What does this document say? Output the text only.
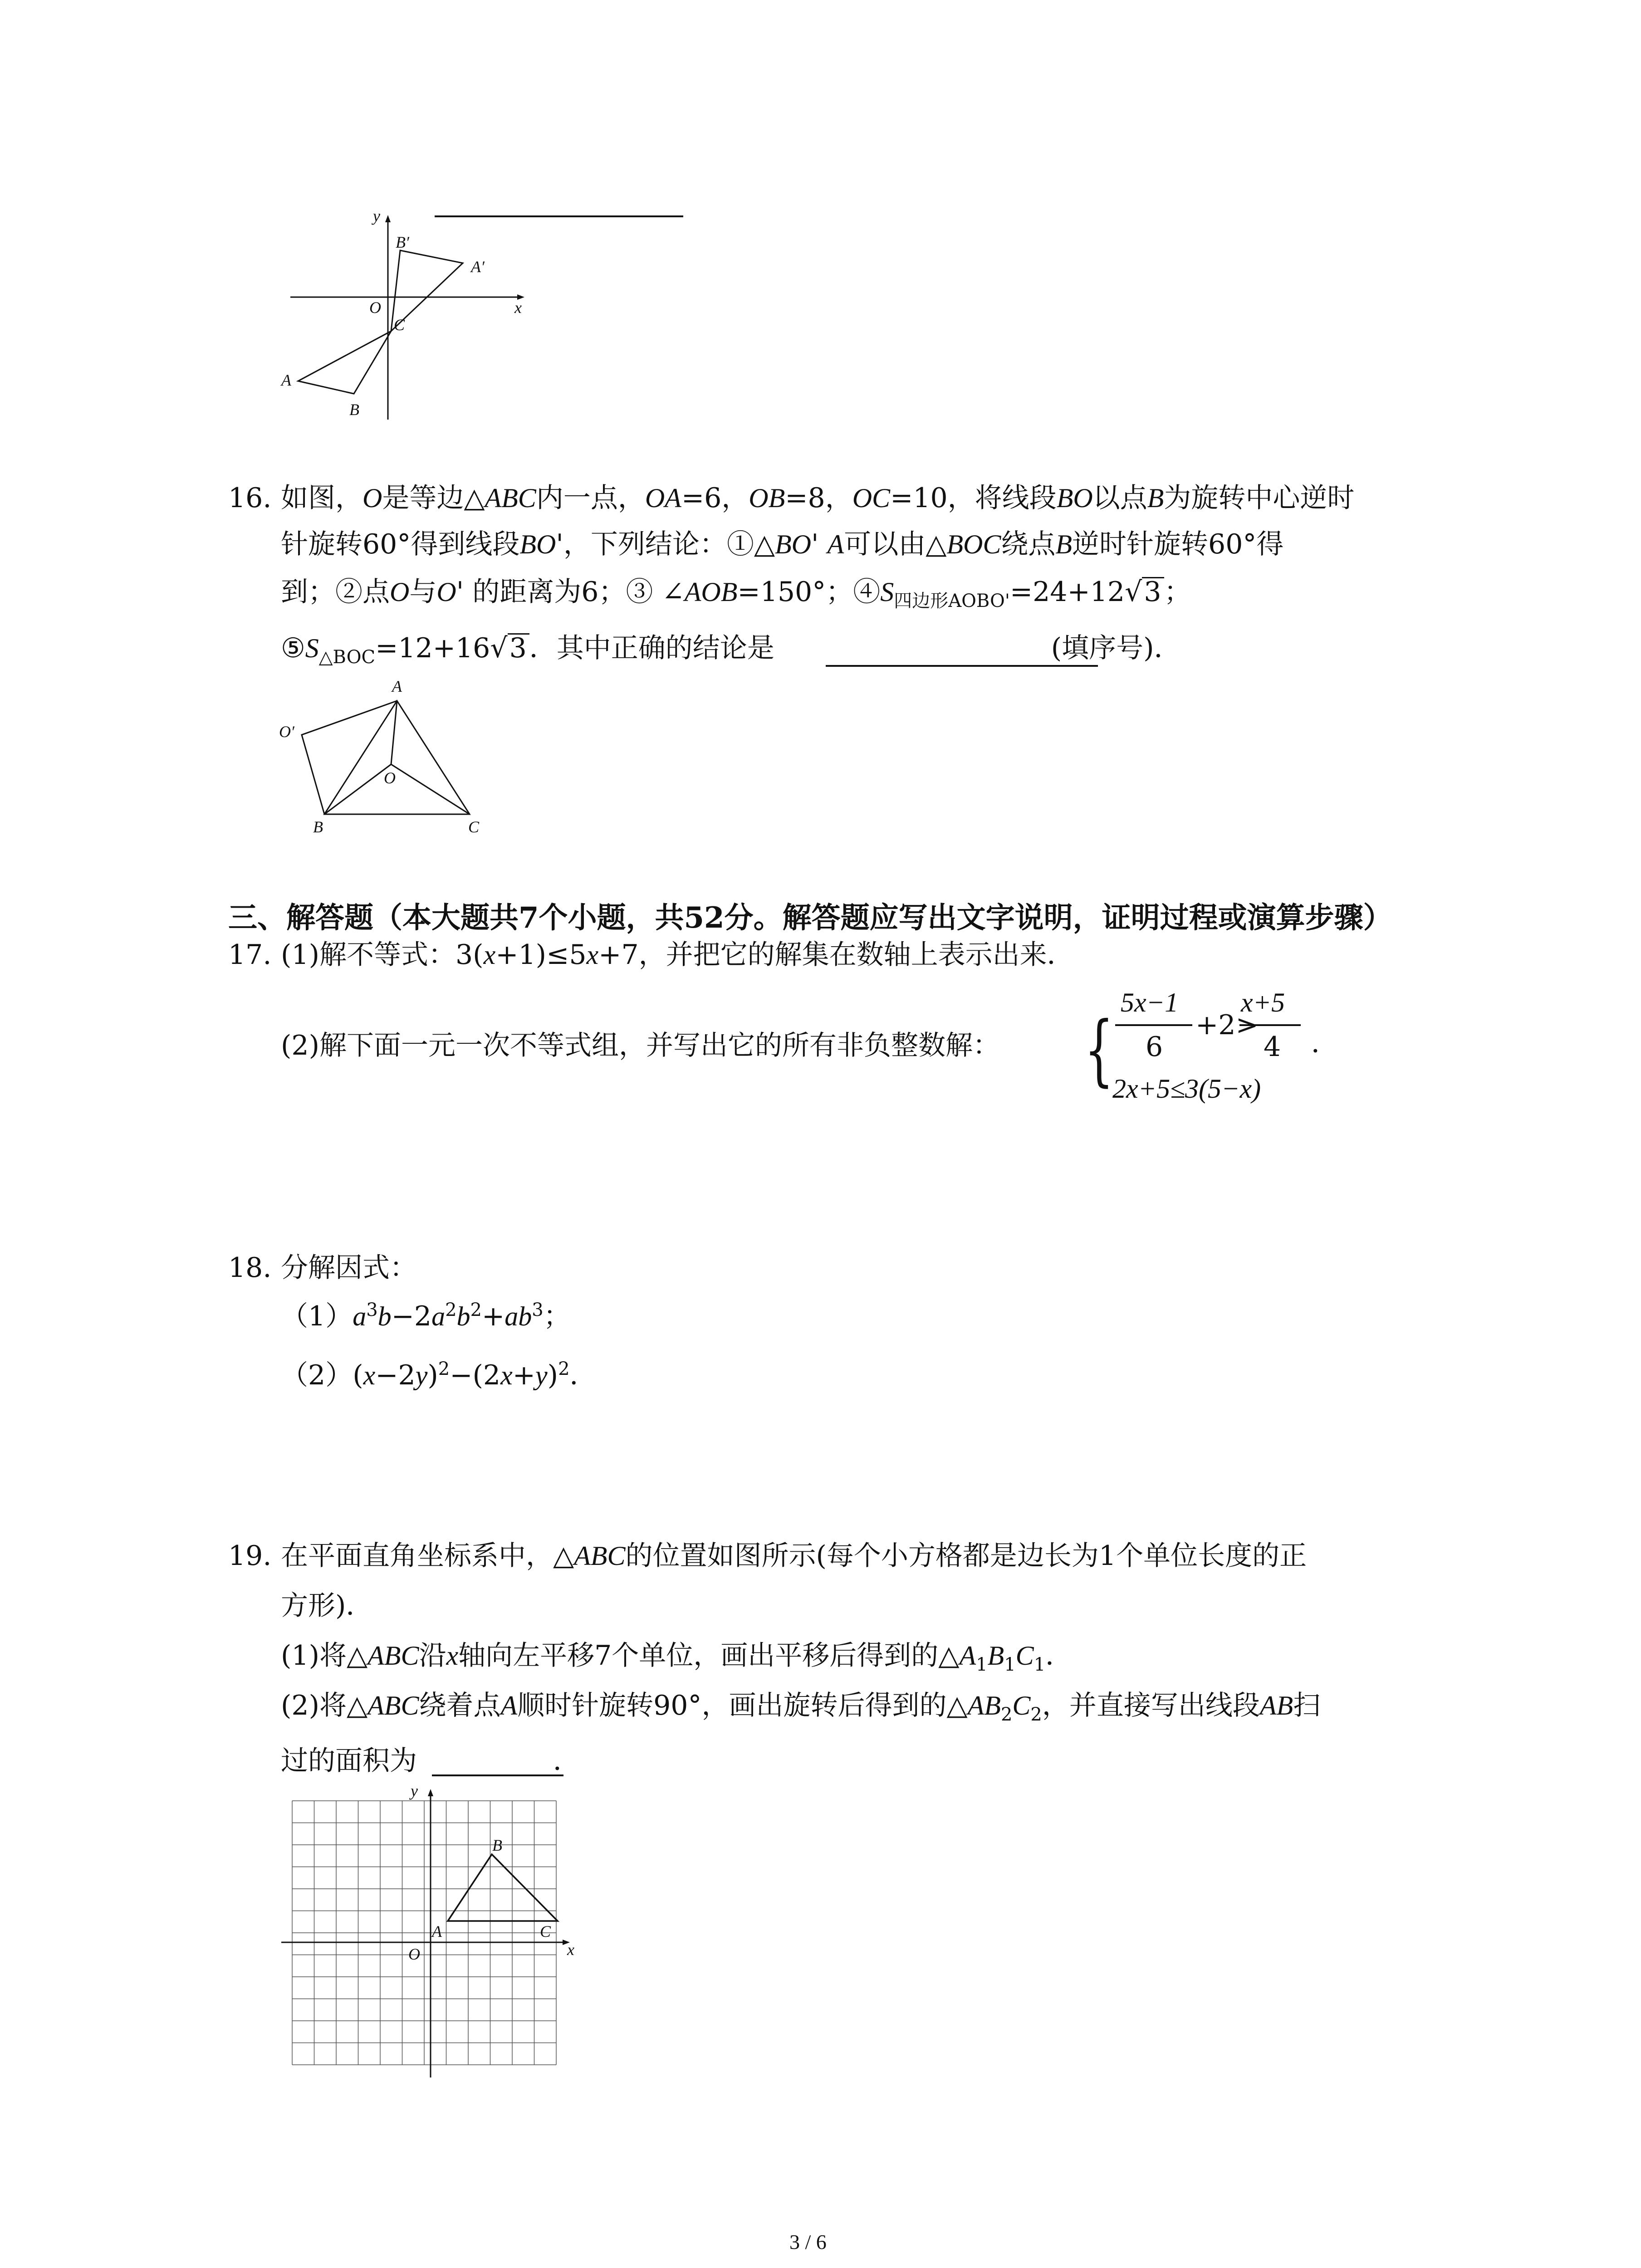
y
x
O
C
A
B
A′
B′
16. 如图，O是等边△ABC内一点，OA=6，OB=8，OC=10，将线段BO以点B为旋转中心逆时
针旋转60°得到线段BO'，下列结论：①△BO' A可以由△BOC绕点B逆时针旋转60°得
到；②点O与O' 的距离为6；③ ∠AOB=150°；$④S_{四边形AOBO'}=24+12√3$ ；
$⑤S_{\triangle BOC}=12+16√3$ ．其中正确的结论是	(填序号)．
A
O′
O
B	C
三、解答题（本大题共7个小题，共52分。解答题应写出文字说明，证明过程或演算步骤）
17. (1)解不等式：3(x+1)≤5x+7，并把它的解集在数轴上表示出来．
(2)解下面一元一次不等式组，并写出它的所有非负整数解： {
5x−1
6
+2>
x+5
4 ．
2x+5≤3(5−x)
18. 分解因式：
$(1)a^3b-2a^2b^2+ab^3$；
$(2)(x-2y)^2-(2x+y)^2$．
19. 在平面直角坐标系中，△ABC的位置如图所示(每个小方格都是边长为1个单位长度的正
方形)．
(1)将△ABC沿x轴向左平移7个单位，画出平移后得到的$\triangle A_1B_1C_1$．
(2)将△ABC绕着点A顺时针旋转90°，画出旋转后得到的$\triangle AB_2C_2$，并直接写出线段AB扫
过的面积为	．
y
x
O
A
B
C
3 / 6
